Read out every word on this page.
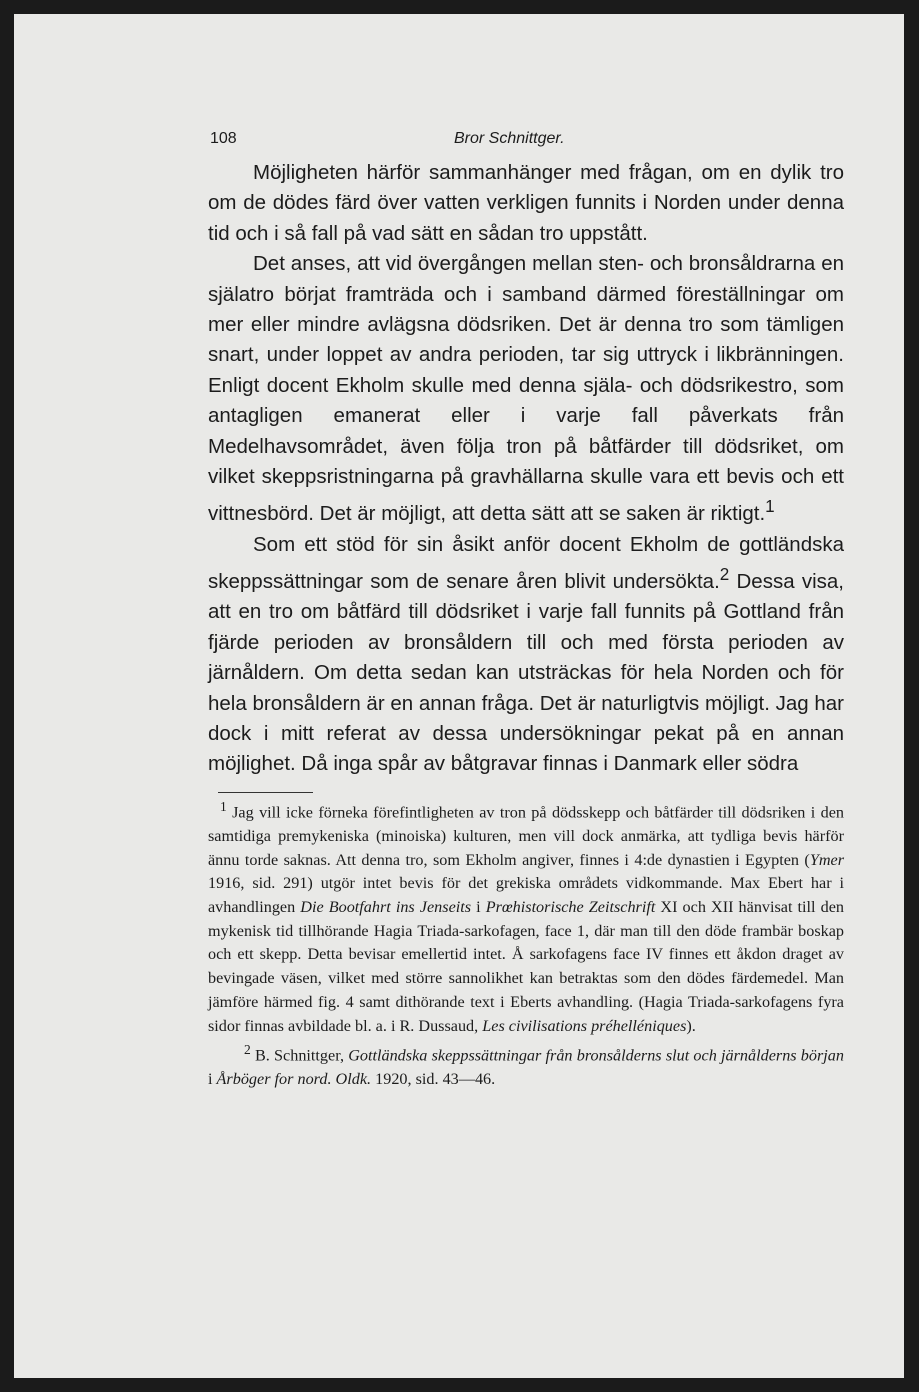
108	Bror Schnittger.

Möjligheten härför sammanhänger med frågan, om en dylik tro om de dödes färd över vatten verkligen funnits i Norden under denna tid och i så fall på vad sätt en sådan tro uppstått.

Det anses, att vid övergången mellan sten- och bronsåldrarna en själatro börjat framträda och i samband därmed föreställningar om mer eller mindre avlägsna dödsriken. Det är denna tro som tämligen snart, under loppet av andra perioden, tar sig uttryck i likbränningen. Enligt docent Ekholm skulle med denna själa- och dödsrikestro, som antagligen emanerat eller i varje fall påverkats från Medelhavsområdet, även följa tron på båtfärder till dödsriket, om vilket skeppsristningarna på gravhällarna skulle vara ett bevis och ett vittnesbörd. Det är möjligt, att detta sätt att se saken är riktigt.$^1$

Som ett stöd för sin åsikt anför docent Ekholm de gottländska skeppssättningar som de senare åren blivit undersökta.$^2$ Dessa visa, att en tro om båtfärd till dödsriket i varje fall funnits på Gottland från fjärde perioden av bronsåldern till och med första perioden av järnåldern. Om detta sedan kan utsträckas för hela Norden och för hela bronsåldern är en annan fråga. Det är naturligtvis möjligt. Jag har dock i mitt referat av dessa undersökningar pekat på en annan möjlighet. Då inga spår av båtgravar finnas i Danmark eller södra

$^1$ Jag vill icke förneka förefintligheten av tron på dödsskepp och båtfärder till dödsriken i den samtidiga premykeniska (minoiska) kulturen, men vill dock anmärka, att tydliga bevis härför ännu torde saknas. Att denna tro, som Ekholm angiver, finnes i 4:de dynastien i Egypten (Ymer 1916, sid. 291) utgör intet bevis för det grekiska områdets vidkommande. Max Ebert har i avhandlingen Die Bootfahrt ins Jenseits i Prœhistorische Zeitschrift XI och XII hänvisat till den mykenisk tid tillhörande Hagia Triada-sarkofagen, face 1, där man till den döde frambär boskap och ett skepp. Detta bevisar emellertid intet. Å sarkofagens face IV finnes ett åkdon draget av bevingade väsen, vilket med större sannolikhet kan betraktas som den dödes färdemedel. Man jämföre härmed fig. 4 samt dithörande text i Eberts avhandling. (Hagia Triada-sarkofagens fyra sidor finnas avbildade bl. a. i R. Dussaud, Les civilisations préhelléniques).

$^2$ B. Schnittger, Gottländska skeppssättningar från bronsålderns slut och järnålderns början i Årböger for nord. Oldk. 1920, sid. 43—46.
